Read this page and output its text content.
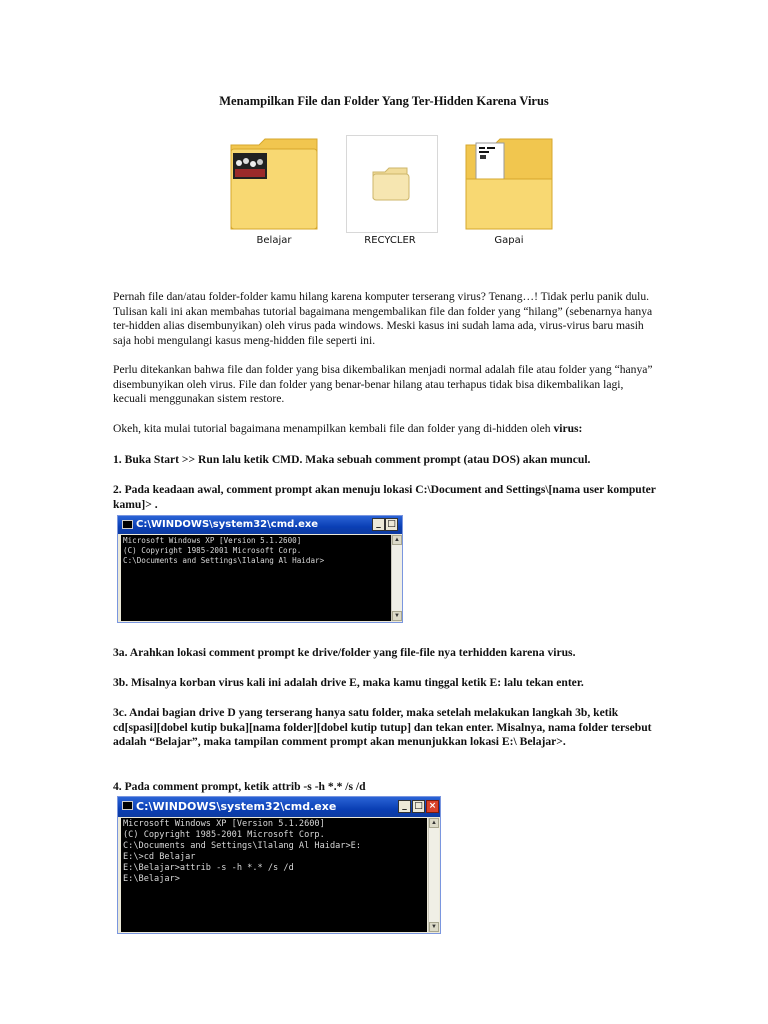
Menampilkan File dan Folder Yang Ter-Hidden Karena Virus
Belajar	RECYCLER	Gapai

Pernah file dan/atau folder-folder kamu hilang karena komputer terserang virus? Tenang…! Tidak perlu panik dulu. Tulisan kali ini akan membahas tutorial bagaimana mengembalikan file dan folder yang “hilang” (sebenarnya hanya ter-hidden alias disembunyikan) oleh virus pada windows. Meski kasus ini sudah lama ada, virus-virus baru masih saja hobi mengulangi kasus meng-hidden file seperti ini.

Perlu ditekankan bahwa file dan folder yang bisa dikembalikan menjadi normal adalah file atau folder yang “hanya” disembunyikan oleh virus. File dan folder yang benar-benar hilang atau terhapus tidak bisa dikembalikan lagi, kecuali menggunakan sistem restore.

Okeh, kita mulai tutorial bagaimana menampilkan kembali file dan folder yang di-hidden oleh virus:

1. Buka Start >> Run lalu ketik CMD. Maka sebuah comment prompt (atau DOS) akan muncul.

2. Pada keadaan awal, comment prompt akan menuju lokasi C:\Document and Settings\[nama user komputer kamu]> .

C:\WINDOWS\system32\cmd.exe	_ □
Microsoft Windows XP [Version 5.1.2600]
(C) Copyright 1985-2001 Microsoft Corp.
C:\Documents and Settings\Ilalang Al Haidar>
▲
▼

3a. Arahkan lokasi comment prompt ke drive/folder yang file-file nya terhidden karena virus.

3b. Misalnya korban virus kali ini adalah drive E, maka kamu tinggal ketik E: lalu tekan enter.

3c. Andai bagian drive D yang terserang hanya satu folder, maka setelah melakukan langkah 3b, ketik cd[spasi][dobel kutip buka][nama folder][dobel kutip tutup] dan tekan enter. Misalnya, nama folder tersebut adalah “Belajar”, maka tampilan comment prompt akan menunjukkan lokasi E:\ Belajar>.

4. Pada comment prompt, ketik attrib -s -h *.* /s /d

C:\WINDOWS\system32\cmd.exe	_ □ ×
Microsoft Windows XP [Version 5.1.2600]
(C) Copyright 1985-2001 Microsoft Corp.
C:\Documents and Settings\Ilalang Al Haidar>E:
E:\>cd Belajar
E:\Belajar>attrib -s -h *.* /s /d
E:\Belajar>
▲
▼
